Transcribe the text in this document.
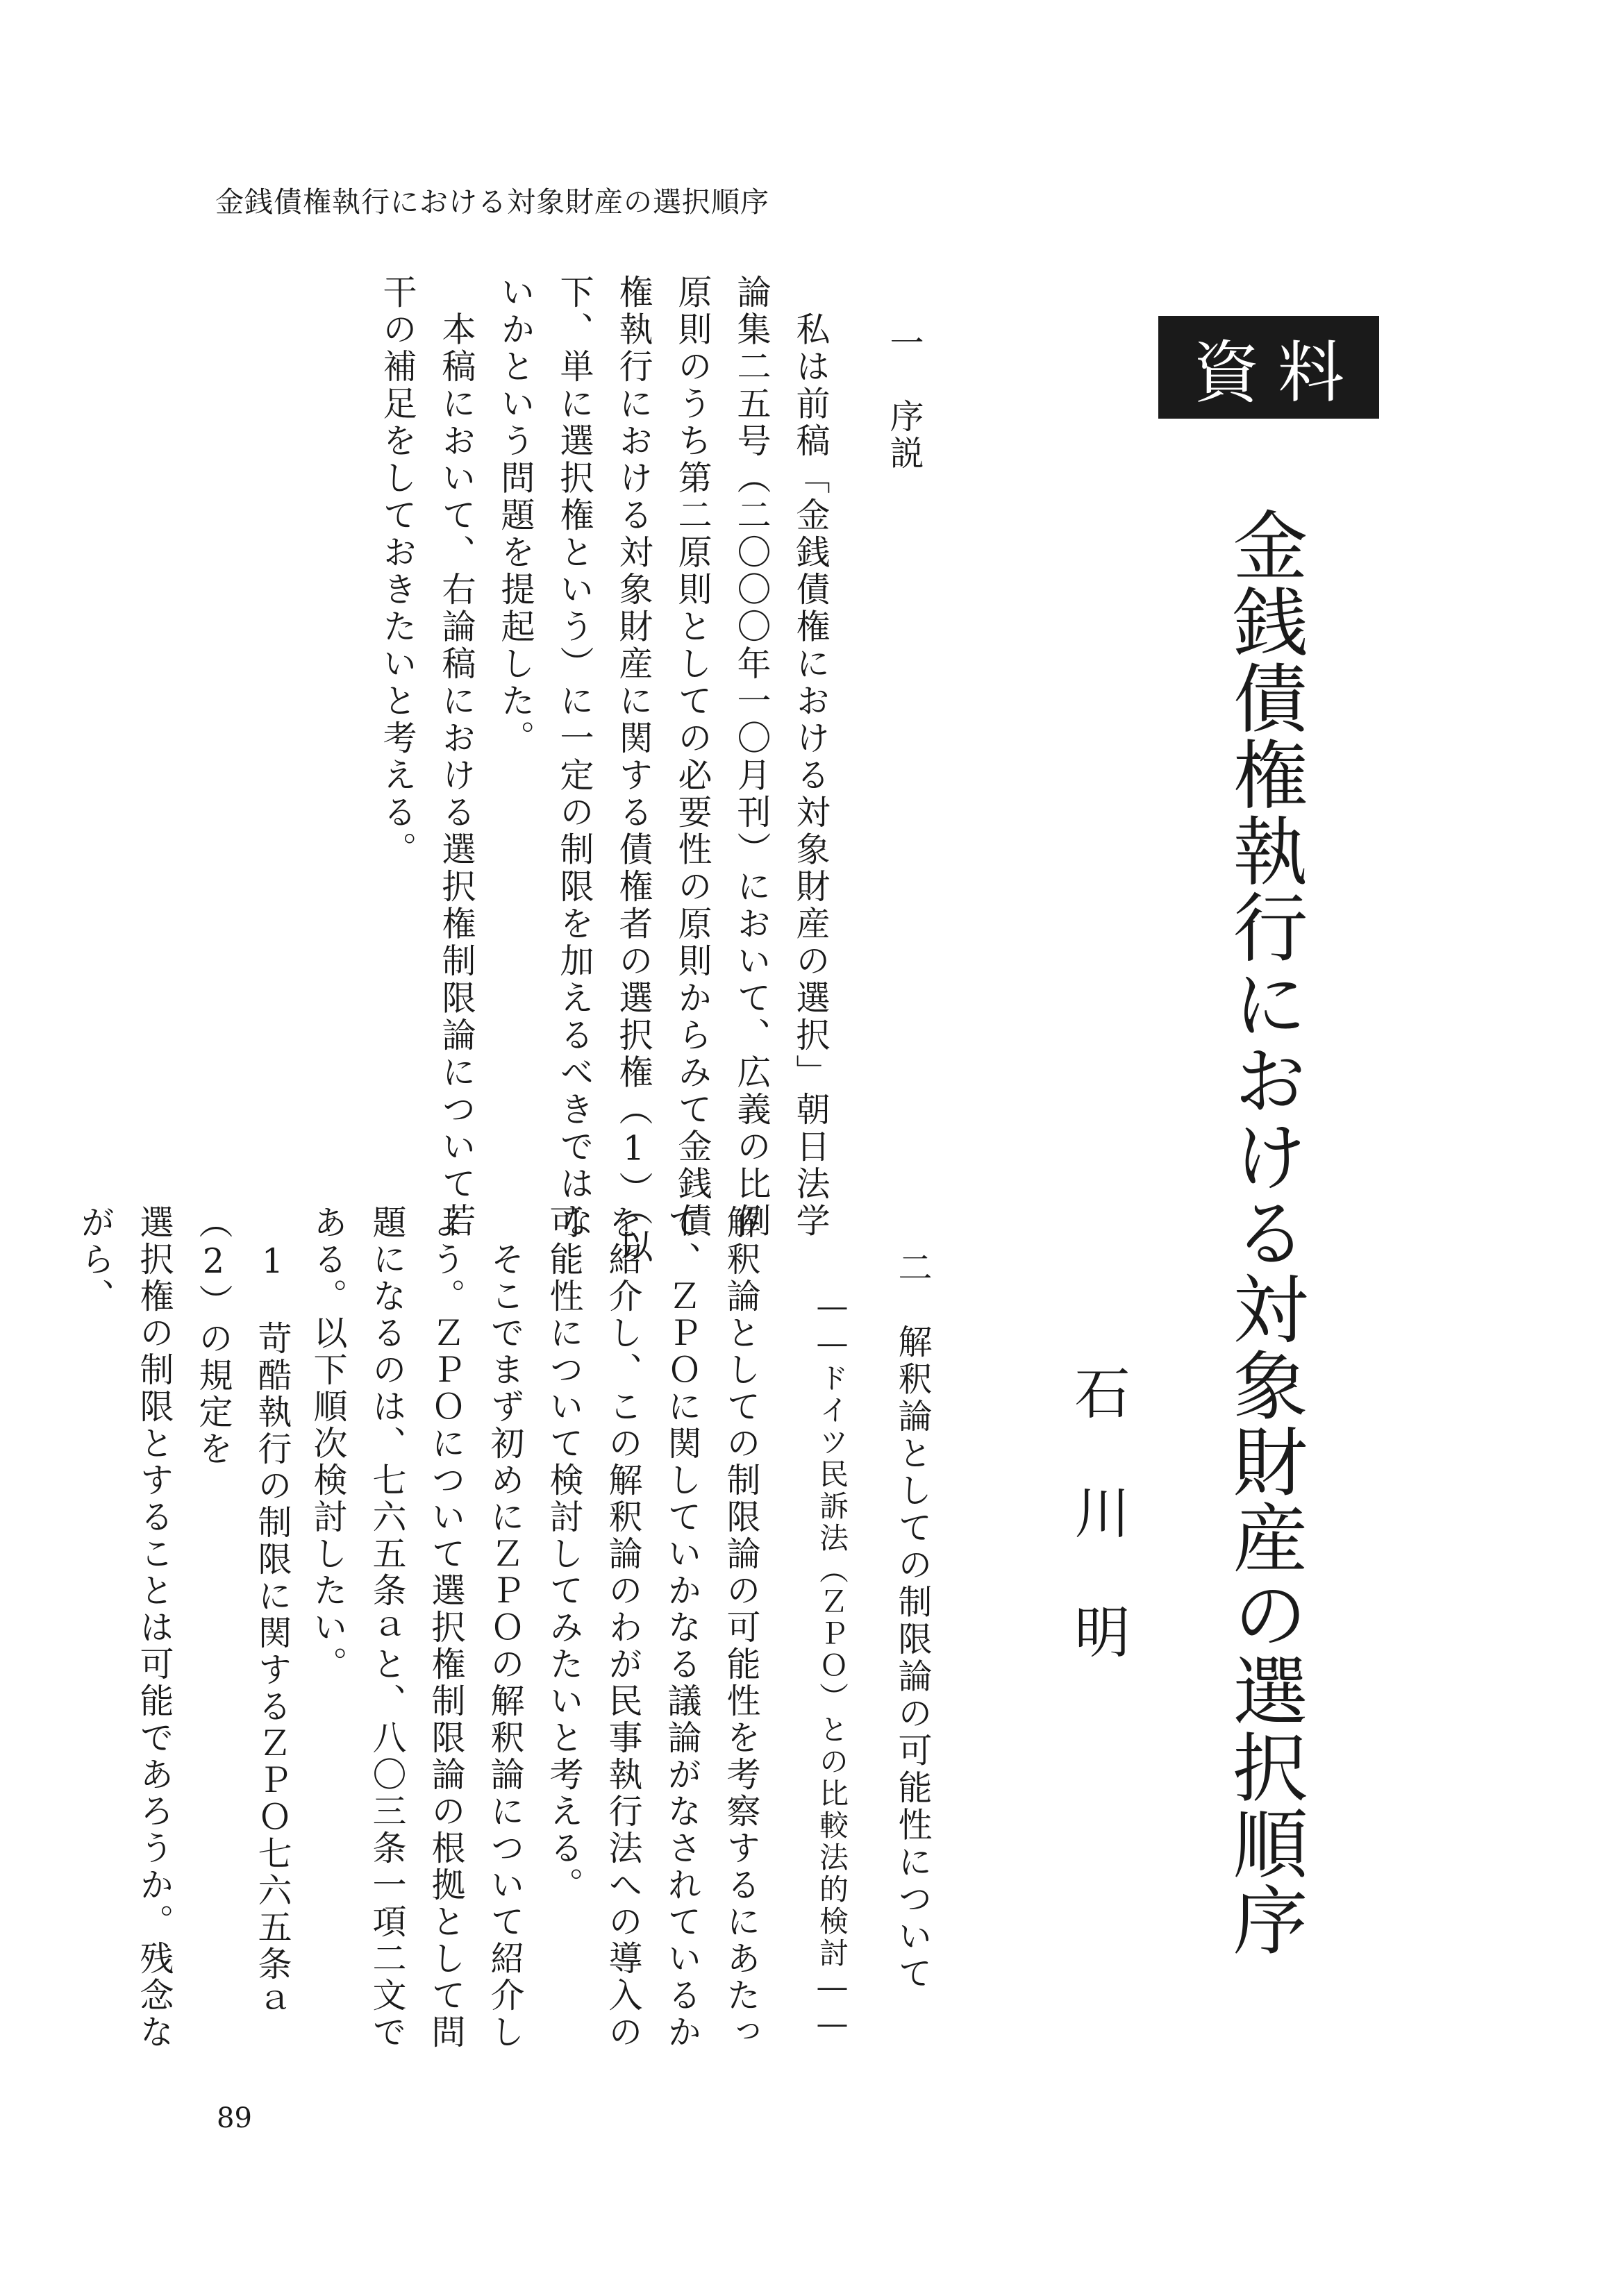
金銭債権執行における対象財産の選択順序
資料
金銭債権執行における対象財産の選択順序
石川明
一　序説
　私は前稿「金銭債権における対象財産の選択」朝日法学論集二五号（二〇〇〇年一〇月刊）において、広義の比例原則のうち第二原則としての必要性の原則からみて金銭債権執行における対象財産に関する債権者の選択権（1）（以下、単に選択権という）に一定の制限を加えるべきではないかという問題を提起した。
　本稿において、右論稿における選択権制限論について若干の補足をしておきたいと考える。
二　解釈論としての制限論の可能性について
――ドイツ民訴法（ＺＰＯ）との比較法的検討――
解釈論としての制限論の可能性を考察するにあたって、ＺＰＯに関していかなる議論がなされているかを紹介し、この解釈論のわが民事執行法への導入の可能性について検討してみたいと考える。
　そこでまず初めにＺＰＯの解釈論について紹介しよう。ＺＰＯについて選択権制限論の根拠として問題になるのは、七六五条ａと、八〇三条一項二文である。以下順次検討したい。
　1　苛酷執行の制限に関するＺＰＯ七六五条ａ（2）の規定を
選択権の制限とすることは可能であろうか。残念ながら、
89
